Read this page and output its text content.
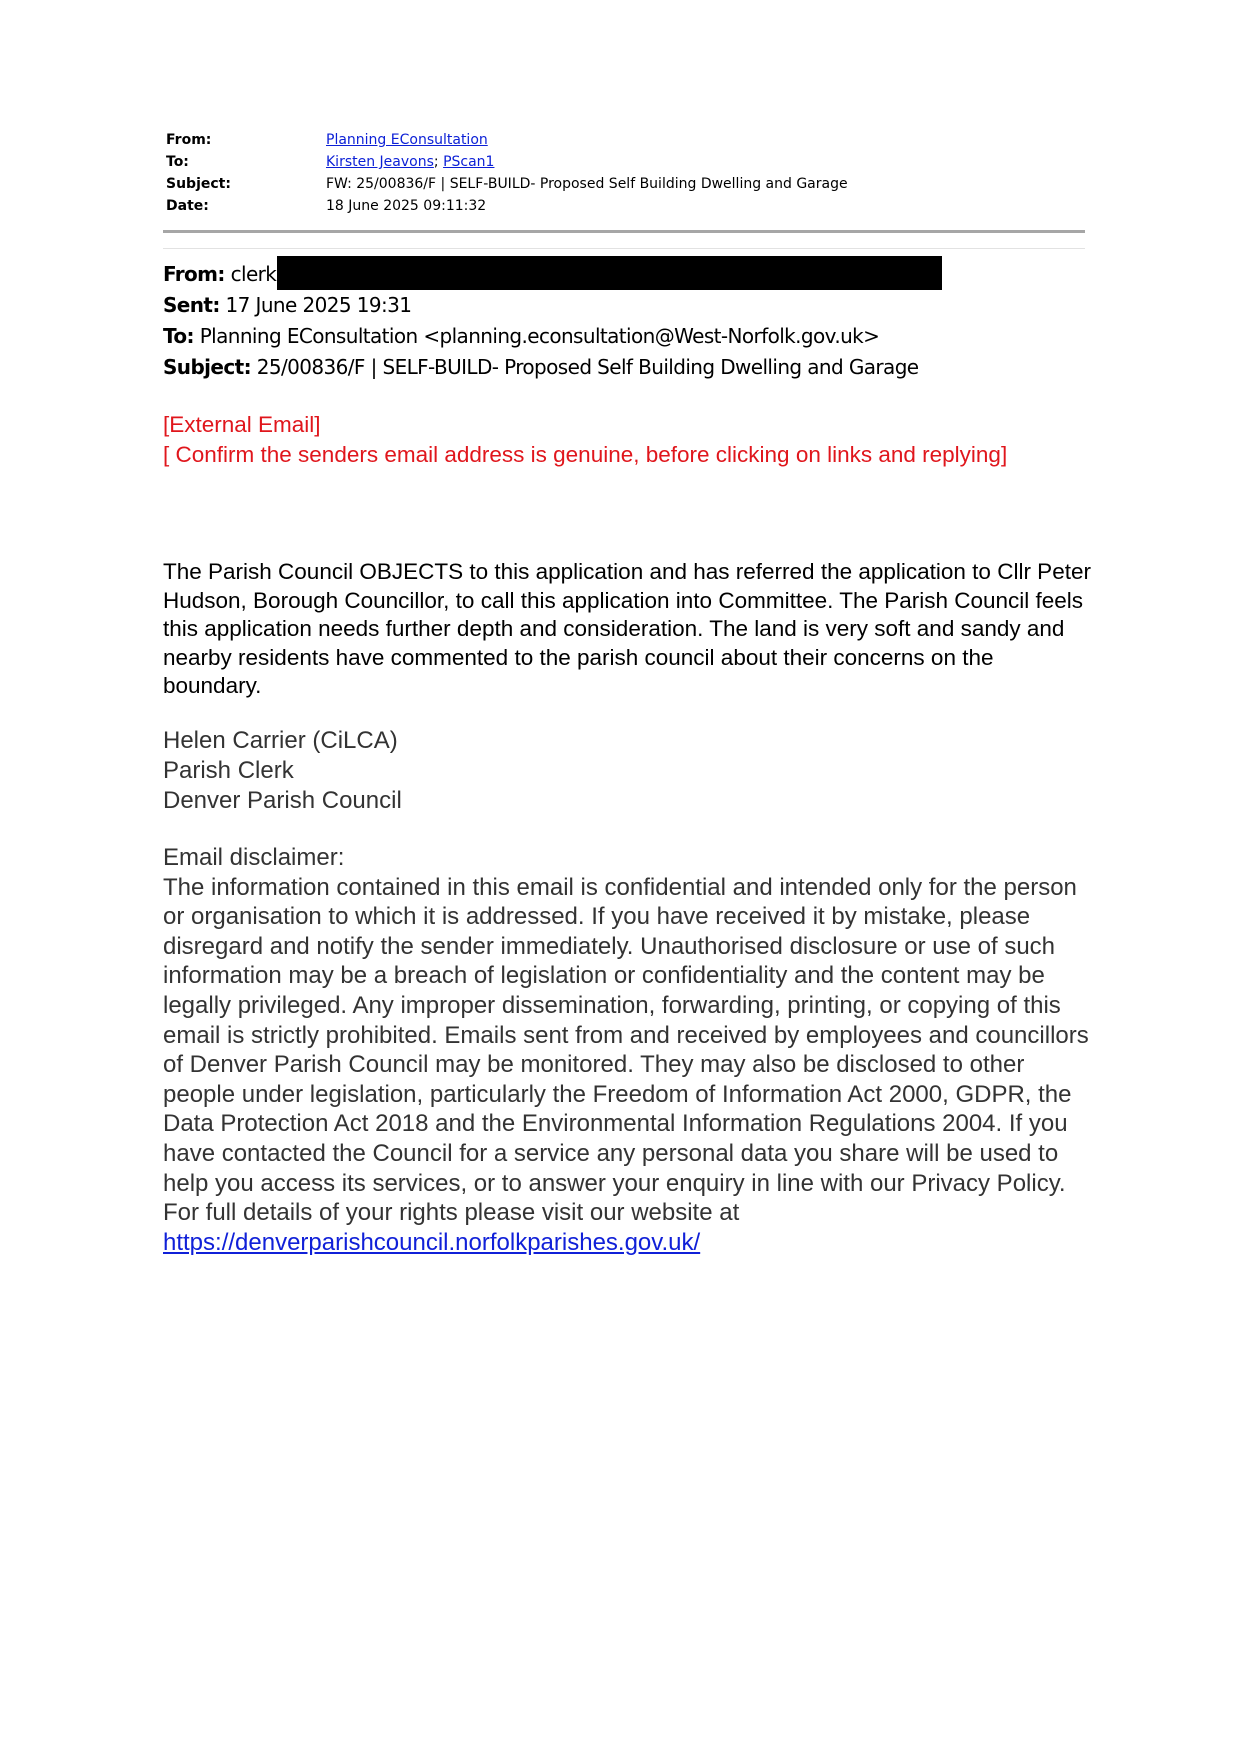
From:	Planning EConsultation
To:	Kirsten Jeavons; PScan1
Subject:	FW: 25/00836/F | SELF-BUILD- Proposed Self Building Dwelling and Garage
Date:	18 June 2025 09:11:32
From: clerk
Sent: 17 June 2025 19:31
To: Planning EConsultation <planning.econsultation@West-Norfolk.gov.uk>
Subject: 25/00836/F | SELF-BUILD- Proposed Self Building Dwelling and Garage
[External Email]
[ Confirm the senders email address is genuine, before clicking on links and replying]

The Parish Council OBJECTS to this application and has referred the application to Cllr Peter Hudson, Borough Councillor, to call this application into Committee. The Parish Council feels this application needs further depth and consideration. The land is very soft and sandy and nearby residents have commented to the parish council about their concerns on the boundary.

Helen Carrier (CiLCA)
Parish Clerk
Denver Parish Council
Email disclaimer:

The information contained in this email is confidential and intended only for the person or organisation to which it is addressed. If you have received it by mistake, please disregard and notify the sender immediately. Unauthorised disclosure or use of such information may be a breach of legislation or confidentiality and the content may be legally privileged. Any improper dissemination, forwarding, printing, or copying of this email is strictly prohibited. Emails sent from and received by employees and councillors of Denver Parish Council may be monitored. They may also be disclosed to other people under legislation, particularly the Freedom of Information Act 2000, GDPR, the Data Protection Act 2018 and the Environmental Information Regulations 2004. If you have contacted the Council for a service any personal data you share will be used to help you access its services, or to answer your enquiry in line with our Privacy Policy. For full details of your rights please visit our website at

https://denverparishcouncil.norfolkparishes.gov.uk/
